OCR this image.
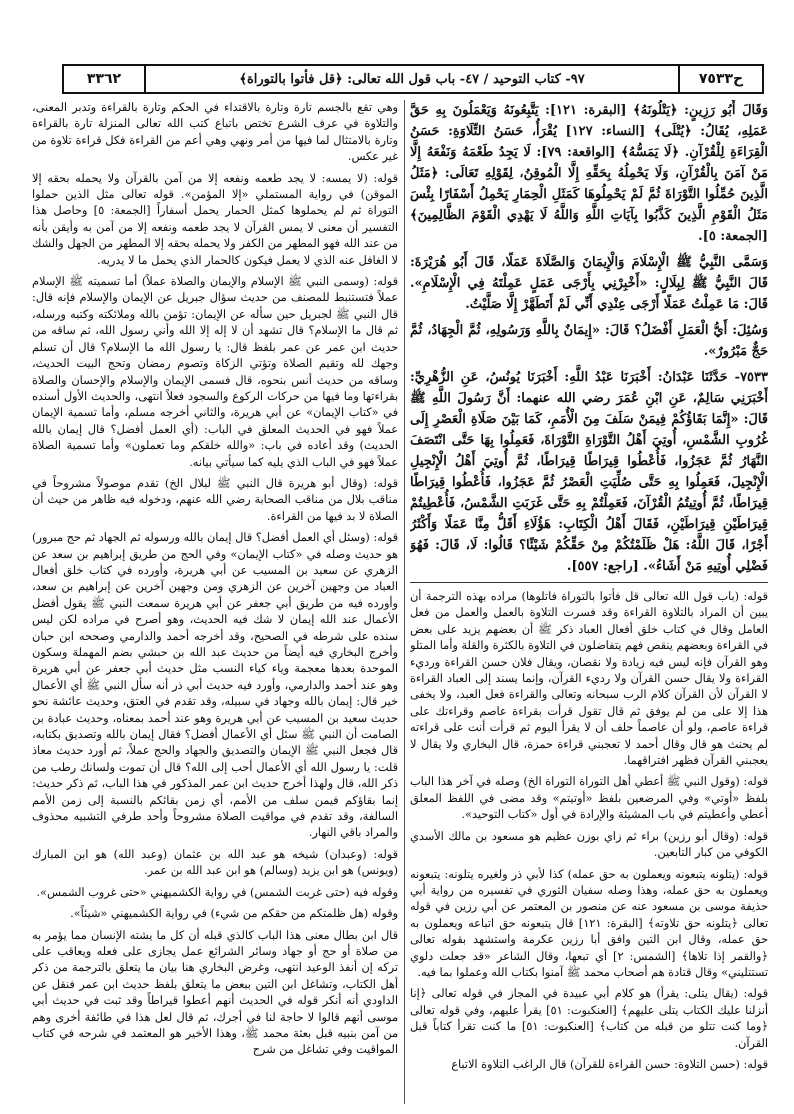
٣٣٦٢	٩٧- كتاب التوحيد / ٤٧- باب قول الله تعالى: ﴿قل فأتوا بالتوراة﴾	ح٧٥٣٣

وَقَالَ أَبُو رَزِينٍ: ﴿يَتْلُونَهُ﴾ [البقرة: ١٢١]: يَتَّبِعُونَهُ وَيَعْمَلُونَ بِهِ حَقَّ عَمَلِهِ، يُقَالُ: ﴿يُتْلَى﴾ [النساء: ١٢٧] يُقْرَأُ، حَسَنُ التِّلَاوَةِ: حَسَنُ الْقِرَاءَةِ لِلْقُرْآنِ. ﴿لَا يَمَسُّهُ﴾ [الواقعة: ٧٩]: لَا يَجِدُ طَعْمَهُ وَنَفْعَهُ إِلَّا مَنْ آمَنَ بِالْقُرْآنِ، وَلَا يَحْمِلُهُ بِحَقِّهِ إِلَّا الْمُوقِنُ، لِقَوْلِهِ تَعَالَى: ﴿مَثَلُ الَّذِينَ حُمِّلُوا التَّوْرَاةَ ثُمَّ لَمْ يَحْمِلُوهَا كَمَثَلِ الْحِمَارِ يَحْمِلُ أَسْفَارًا بِئْسَ مَثَلُ الْقَوْمِ الَّذِينَ كَذَّبُوا بِآيَاتِ اللَّهِ وَاللَّهُ لَا يَهْدِي الْقَوْمَ الظَّالِمِينَ﴾ [الجمعة: ٥].

وَسَمَّى النَّبِيُّ ﷺ الْإِسْلَامَ وَالْإِيمَانَ وَالصَّلَاةَ عَمَلًا، قَالَ أَبُو هُرَيْرَةَ: قَالَ النَّبِيُّ ﷺ لِبِلَالٍ: «أَخْبِرْنِي بِأَرْجَى عَمَلٍ عَمِلْتَهُ فِي الْإِسْلَامِ». قَالَ: مَا عَمِلْتُ عَمَلًا أَرْجَى عِنْدِي أَنِّي لَمْ أَتَطَهَّرْ إِلَّا صَلَّيْتُ.

وَسُئِلَ: أَيُّ الْعَمَلِ أَفْضَلُ؟ قَالَ: «إِيمَانٌ بِاللَّهِ وَرَسُولِهِ، ثُمَّ الْجِهَادُ، ثُمَّ حَجٌّ مَبْرُورٌ».

٧٥٣٣- حَدَّثَنَا عَبْدَانُ: أَخْبَرَنَا عَبْدُ اللَّهِ: أَخْبَرَنَا يُونُسُ، عَنِ الزُّهْرِيِّ: أَخْبَرَنِي سَالِمٌ، عَنِ ابْنِ عُمَرَ رضي الله عنهما: أَنَّ رَسُولَ اللَّهِ ﷺ قَالَ: «إِنَّمَا بَقَاؤُكُمْ فِيمَنْ سَلَفَ مِنَ الْأُمَمِ، كَمَا بَيْنَ صَلَاةِ الْعَصْرِ إِلَى غُرُوبِ الشَّمْسِ، أُوتِيَ أَهْلُ التَّوْرَاةِ التَّوْرَاةَ، فَعَمِلُوا بِهَا حَتَّى انْتَصَفَ النَّهَارُ ثُمَّ عَجَزُوا، فَأُعْطُوا قِيرَاطًا قِيرَاطًا، ثُمَّ أُوتِيَ أَهْلُ الْإِنْجِيلِ الْإِنْجِيلَ، فَعَمِلُوا بِهِ حَتَّى صُلِّيَتِ الْعَصْرُ ثُمَّ عَجَزُوا، فَأُعْطُوا قِيرَاطًا قِيرَاطًا، ثُمَّ أُوتِيتُمُ الْقُرْآنَ، فَعَمِلْتُمْ بِهِ حَتَّى غَرَبَتِ الشَّمْسُ، فَأُعْطِيتُمْ قِيرَاطَيْنِ قِيرَاطَيْنِ، فَقَالَ أَهْلُ الْكِتَابِ: هَؤُلَاءِ أَقَلُّ مِنَّا عَمَلًا وَأَكْثَرُ أَجْرًا، قَالَ اللَّهُ: هَلْ ظَلَمْتُكُمْ مِنْ حَقِّكُمْ شَيْئًا؟ قَالُوا: لَا، قَالَ: فَهُوَ فَضْلِي أُوتِيهِ مَنْ أَشَاءُ». [راجع: ٥٥٧].

قوله: (باب قول الله تعالى قل فأتوا بالتوراة فاتلوها) مراده بهذه الترجمة أن يبين أن المراد بالتلاوة القراءة وقد فسرت التلاوة بالعمل والعمل من فعل العامل وقال في كتاب خلق أفعال العباد ذكر ﷺ أن بعضهم يزيد على بعض في القراءة وبعضهم ينقص فهم يتفاضلون في التلاوة بالكثرة والقلة وأما المتلو وهو القرآن فإنه ليس فيه زيادة ولا نقصان، ويقال فلان حسن القراءة ورديء القراءة ولا يقال حسن القرآن ولا رديء القرآن، وإنما يسند إلى العباد القراءة لا القرآن لأن القرآن كلام الرب سبحانه وتعالى والقراءة فعل العبد، ولا يخفى هذا إلا على من لم يوفق ثم قال تقول قرأت بقراءة عاصم وقراءتك على قراءة عاصم، ولو أن عاصماً حلف أن لا يقرأ اليوم ثم قرأت أنت على قراءته لم يحنث هو قال وقال أحمد لا تعجبني قراءة حمزة، قال البخاري ولا يقال لا يعجبني القرآن فظهر افتراقهما.

قوله: (وقول النبي ﷺ أعطي أهل التوراة التوراة الخ) وصله في آخر هذا الباب بلفظ «أوتي» وفي المرضعين بلفظ «أوتيتم» وقد مضى في اللفظ المعلق أعطي وأعطيتم في باب المشيئة والإرادة في أول «كتاب التوحيد».

قوله: (وقال أبو رزين) براء ثم زاي بوزن عظيم هو مسعود بن مالك الأسدي الكوفي من كبار التابعين.

قوله: (يتلونه يتبعونه ويعملون به حق عمله) كذا لأبي ذر ولغيره يتلونه: يتبعونه ويعملون به حق عمله، وهذا وصله سفيان الثوري في تفسيره من رواية أبي حذيفة موسى بن مسعود عنه عن منصور بن المعتمر عن أبي رزين في قوله تعالى ﴿يتلونه حق تلاوته﴾ [البقرة: ١٢١] قال يتبعونه حق اتباعه ويعملون به حق عمله، وقال ابن التين وافق أبا رزين عكرمة واستشهد بقوله تعالى ﴿والقمر إذا تلاها﴾ [الشمس: ٢] أي تبعها، وقال الشاعر «قد جعلت دلوي تستتليني» وقال قتادة هم أصحاب محمد ﷺ آمنوا بكتاب الله وعملوا بما فيه.

قوله: (يقال يتلى: يقرأ) هو كلام أبي عبيدة في المجاز في قوله تعالى ﴿إنا أنزلنا عليك الكتاب يتلى عليهم﴾ [العنكبوت: ٥١] يقرأ عليهم، وفي قوله تعالى ﴿وما كنت تتلو من قبله من كتاب﴾ [العنكبوت: ٥١] ما كنت تقرأ كتاباً قبل القرآن.

قوله: (حسن التلاوة: حسن القراءة للقرآن) قال الراغب التلاوة الاتباع

وهي تقع بالجسم تارة وتارة بالاقتداء في الحكم وتارة بالقراءة وتدبر المعنى، والتلاوة في عرف الشرع تختص باتباع كتب الله تعالى المنزلة تارة بالقراءة وتارة بالامتثال لما فيها من أمر ونهي وهي أعم من القراءة فكل قراءة تلاوة من غير عكس.

قوله: (لا يمسه: لا يجد طعمه ونفعه إلا من آمن بالقرآن ولا يحمله بحقه إلا الموقن) في رواية المستملي «إلا المؤمن». قوله تعالى مثل الذين حملوا التوراة ثم لم يحملوها كمثل الحمار يحمل أسفاراً [الجمعة: ٥] وحاصل هذا التفسير أن معنى لا يمس القرآن لا يجد طعمه ونفعه إلا من آمن به وأيقن بأنه من عند الله فهو المطهر من الكفر ولا يحمله بحقه إلا المطهر من الجهل والشك لا الغافل عنه الذي لا يعمل فيكون كالحمار الذي يحمل ما لا يدريه.

قوله: (وسمى النبي ﷺ الإسلام والإيمان والصلاة عملاً) أما تسميته ﷺ الإسلام عملاً فتستنبط للمصنف من حديث سؤال جبريل عن الإيمان والإسلام فإنه قال: قال النبي ﷺ لجبريل حين سأله عن الإيمان: تؤمن بالله وملائكته وكتبه ورسله، ثم قال ما الإسلام؟ قال تشهد أن لا إله إلا الله وأني رسول الله، ثم ساقه من حديث ابن عمر عن عمر بلفظ قال: يا رسول الله ما الإسلام؟ قال أن تسلم وجهك لله وتقيم الصلاة وتؤتي الزكاة وتصوم رمضان وتحج البيت الحديث، وساقه من حديث أنس بنحوه، قال فسمى الإيمان والإسلام والإحسان والصلاة بقراءتها وما فيها من حركات الركوع والسجود فعلاً انتهى، والحديث الأول أسنده في «كتاب الإيمان» عن أبي هريرة، والثاني أخرجه مسلم، وأما تسمية الإيمان عملاً فهو في الحديث المعلق في الباب: (أي العمل أفضل؟ قال إيمان بالله الحديث) وقد أعاده في باب: «والله خلقكم وما تعملون» وأما تسمية الصلاة عملاً فهو في الباب الذي يليه كما سيأتي بيانه.

قوله: (وقال أبو هريرة قال النبي ﷺ لبلال الخ) تقدم موصولاً مشروحاً في مناقب بلال من مناقب الصحابة رضي الله عنهم، ودخوله فيه ظاهر من حيث أن الصلاة لا بد فيها من القراءة.

قوله: (وسئل أي العمل أفضل؟ قال إيمان بالله ورسوله ثم الجهاد ثم حج مبرور) هو حديث وصله في «كتاب الإيمان» وفي الحج من طريق إبراهيم بن سعد عن الزهري عن سعيد بن المسيب عن أبي هريرة، وأورده في كتاب خلق أفعال العباد من وجهين آخرين عن الزهري ومن وجهين آخرين عن إبراهيم بن سعد، وأورده فيه من طريق أبي جعفر عن أبي هريرة سمعت النبي ﷺ يقول أفضل الأعمال عند الله إيمان لا شك فيه الحديث، وهو أصرح في مراده لكن ليس سنده على شرطه في الصحيح، وقد أخرجه أحمد والدارمي وصححه ابن حبان وأخرج البخاري فيه أيضاً من حديث عبد الله بن حبشي بضم المهملة وسكون الموحدة بعدها معجمة وياء كياء النسب مثل حديث أبي جعفر عن أبي هريرة وهو عند أحمد والدارمي، وأورد فيه حديث أبي ذر أنه سأل النبي ﷺ أي الأعمال خير قال: إيمان بالله وجهاد في سبيله، وقد تقدم في العتق، وحديث عائشة نحو حديث سعيد بن المسيب عن أبي هريرة وهو عند أحمد بمعناه، وحديث عبادة بن الصامت أن النبي ﷺ سئل أي الأعمال أفضل؟ فقال إيمان بالله وتصديق بكتابه، قال فجعل النبي ﷺ الإيمان والتصديق والجهاد والحج عملاً، ثم أورد حديث معاذ قلت: يا رسول الله أي الأعمال أحب إلى الله؟ قال أن تموت ولسانك رطب من ذكر الله، قال ولهذا أخرج حديث ابن عمر المذكور في هذا الباب، ثم ذكر حديث: إنما بقاؤكم فيمن سلف من الأمم، أي زمن بقائكم بالنسبة إلى زمن الأمم السالفة، وقد تقدم في مواقيت الصلاة مشروحاً وأحد طرفي التشبيه محذوف والمراد باقي النهار.

قوله: (وعبدان) شيخه هو عبد الله بن عثمان (وعبد الله) هو ابن المبارك (ويونس) هو ابن يزيد (وسالم) هو ابن عبد الله بن عمر.

وقوله فيه (حتى غربت الشمس) في رواية الكشميهني «حتى غروب الشمس».

وقوله (هل ظلمتكم من حقكم من شيء) في رواية الكشميهني «شيئاً».

قال ابن بطال معنى هذا الباب كالذي قبله أن كل ما يشته الإنسان مما يؤمر به من صلاة أو حج أو جهاد وسائر الشرائع عمل يجازى على فعله ويعاقب على تركه إن أنفذ الوعيد انتهى، وغرض البخاري هنا بيان ما يتعلق بالترجمة من ذكر أهل الكتاب، وتشاغل ابن التين ببعض ما يتعلق بلفظ حديث ابن عمر فنقل عن الداودي أنه أنكر قوله في الحديث أنهم أعطوا قيراطاً وقد ثبت في حديث أبي موسى أنهم قالوا لا حاجة لنا في أجرك، ثم قال لعل هذا في طائفة أخرى وهم من آمن بنبيه قبل بعثة محمد ﷺ، وهذا الأخير هو المعتمد في شرحه في كتاب المواقيت وفي تشاغل من شرح
